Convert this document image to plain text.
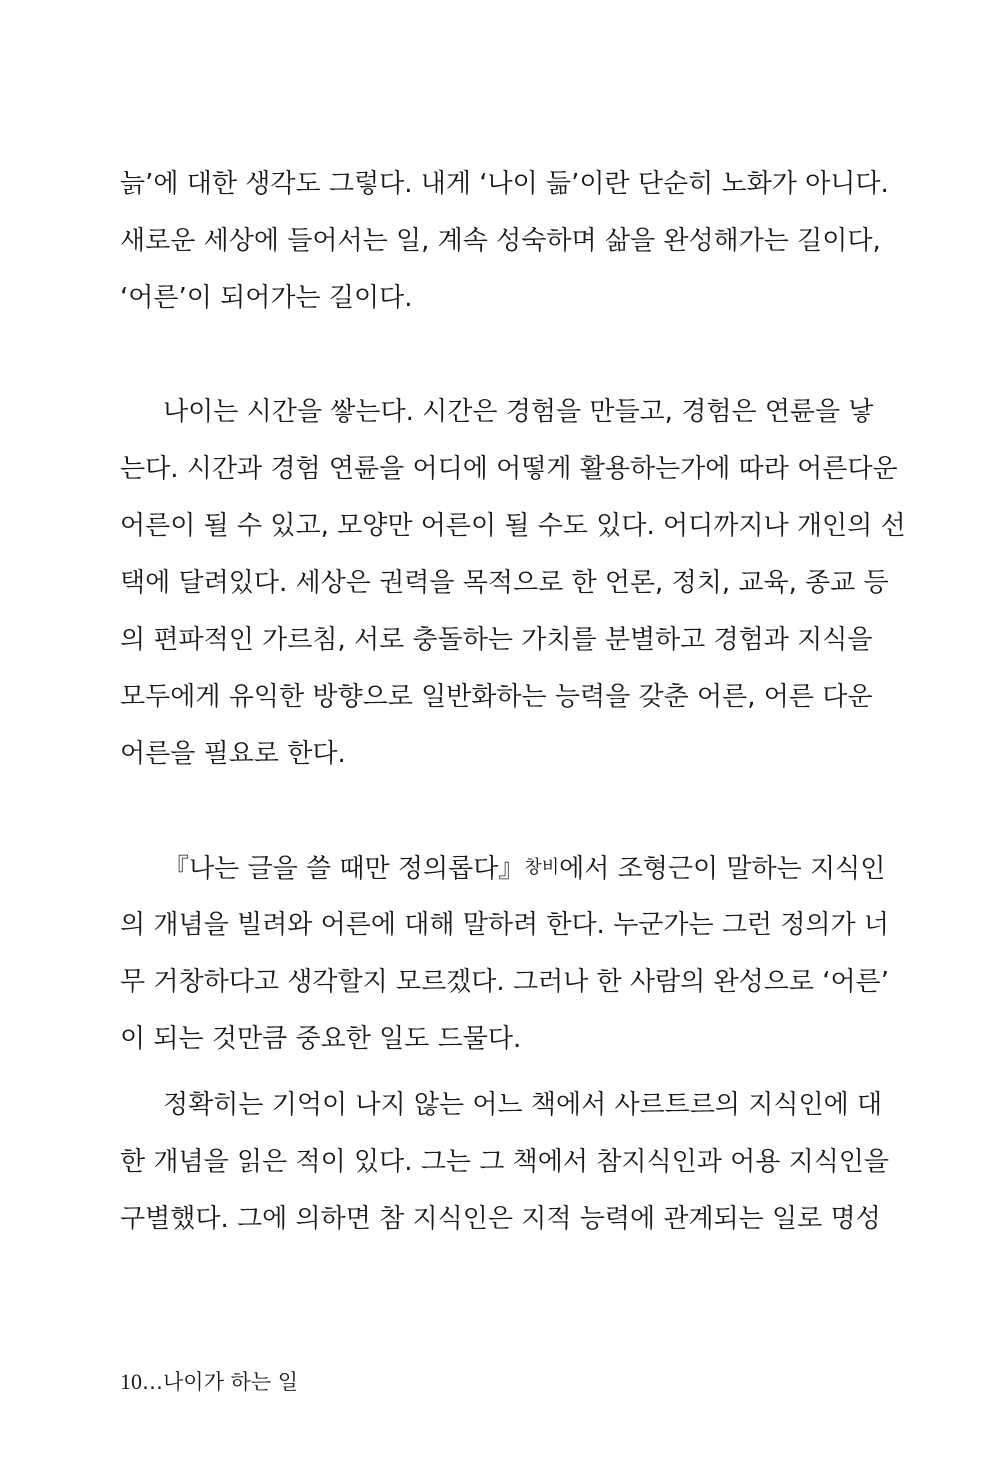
늙’에 대한 생각도 그렇다. 내게 ‘나이 듦’이란 단순히 노화가 아니다.
새로운 세상에 들어서는 일, 계속 성숙하며 삶을 완성해가는 길이다,
‘어른’이 되어가는 길이다.
나이는 시간을 쌓는다. 시간은 경험을 만들고, 경험은 연륜을 낳
는다. 시간과 경험 연륜을 어디에 어떻게 활용하는가에 따라 어른다운
어른이 될 수 있고, 모양만 어른이 될 수도 있다. 어디까지나 개인의 선
택에 달려있다. 세상은 권력을 목적으로 한 언론, 정치, 교육, 종교 등
의 편파적인 가르침, 서로 충돌하는 가치를 분별하고 경험과 지식을
모두에게 유익한 방향으로 일반화하는 능력을 갖춘 어른, 어른 다운
어른을 필요로 한다.
『나는 글을 쓸 때만 정의롭다』창비에서 조형근이 말하는 지식인
의 개념을 빌려와 어른에 대해 말하려 한다. 누군가는 그런 정의가 너
무 거창하다고 생각할지 모르겠다. 그러나 한 사람의 완성으로 ‘어른’
이 되는 것만큼 중요한 일도 드물다.
정확히는 기억이 나지 않는 어느 책에서 사르트르의 지식인에 대
한 개념을 읽은 적이 있다. 그는 그 책에서 참지식인과 어용 지식인을
구별했다. 그에 의하면 참 지식인은 지적 능력에 관계되는 일로 명성
10…나이가 하는 일
